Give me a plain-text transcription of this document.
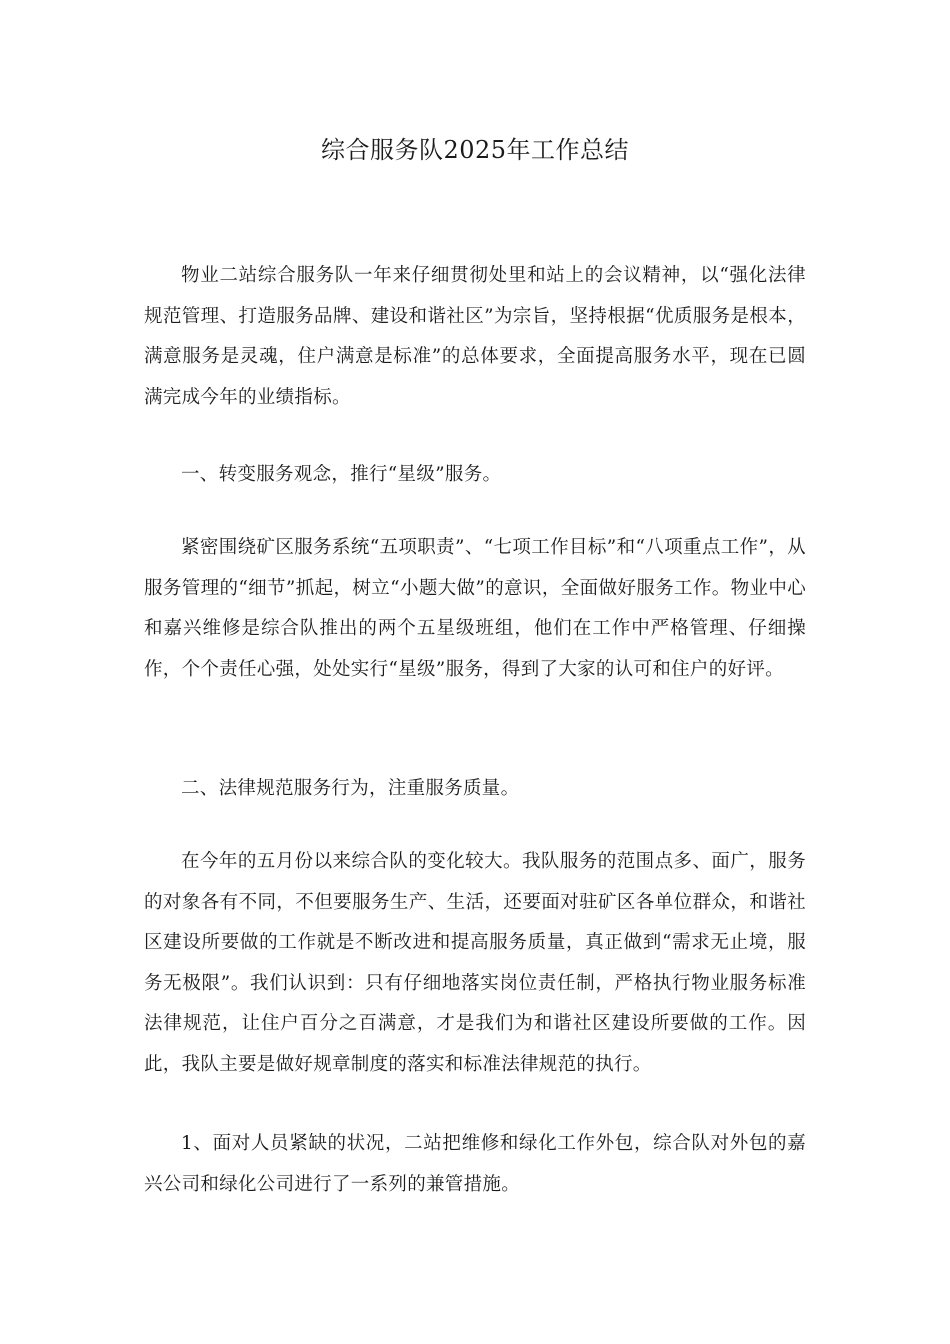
综合服务队2025年工作总结

物业二站综合服务队一年来仔细贯彻处里和站上的会议精神，以“强化法律规范管理、打造服务品牌、建设和谐社区”为宗旨，坚持根据“优质服务是根本，满意服务是灵魂，住户满意是标准”的总体要求，全面提高服务水平，现在已圆满完成今年的业绩指标。

一、转变服务观念，推行“星级”服务。

紧密围绕矿区服务系统“五项职责”、“七项工作目标”和“八项重点工作”，从服务管理的“细节”抓起，树立“小题大做”的意识，全面做好服务工作。物业中心和嘉兴维修是综合队推出的两个五星级班组，他们在工作中严格管理、仔细操作，个个责任心强，处处实行“星级”服务，得到了大家的认可和住户的好评。

二、法律规范服务行为，注重服务质量。

在今年的五月份以来综合队的变化较大。我队服务的范围点多、面广，服务的对象各有不同，不但要服务生产、生活，还要面对驻矿区各单位群众，和谐社区建设所要做的工作就是不断改进和提高服务质量，真正做到“需求无止境，服务无极限”。我们认识到：只有仔细地落实岗位责任制，严格执行物业服务标准法律规范，让住户百分之百满意，才是我们为和谐社区建设所要做的工作。因此，我队主要是做好规章制度的落实和标准法律规范的执行。

1、面对人员紧缺的状况，二站把维修和绿化工作外包，综合队对外包的嘉兴公司和绿化公司进行了一系列的兼管措施。
